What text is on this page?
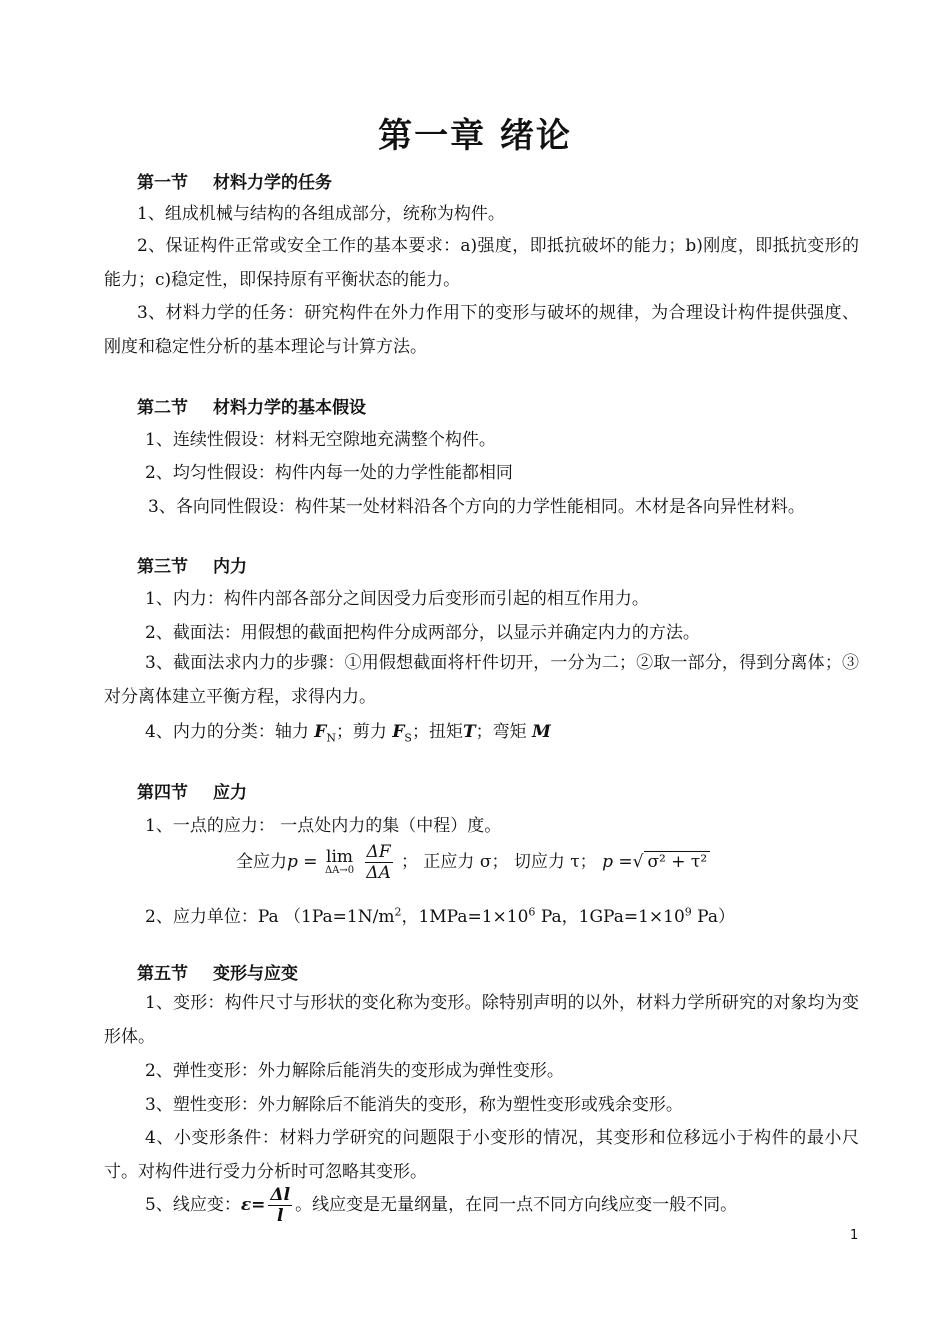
第一章 绪论
第一节 材料力学的任务
1、组成机械与结构的各组成部分，统称为构件。
2、保证构件正常或安全工作的基本要求：a)强度，即抵抗破坏的能力；b)刚度，即抵抗变形的能力；c)稳定性，即保持原有平衡状态的能力。
3、材料力学的任务：研究构件在外力作用下的变形与破坏的规律，为合理设计构件提供强度、刚度和稳定性分析的基本理论与计算方法。
第二节 材料力学的基本假设
1、连续性假设：材料无空隙地充满整个构件。
2、均匀性假设：构件内每一处的力学性能都相同
3、各向同性假设：构件某一处材料沿各个方向的力学性能相同。木材是各向异性材料。
第三节 内力
1、内力：构件内部各部分之间因受力后变形而引起的相互作用力。
2、截面法：用假想的截面把构件分成两部分，以显示并确定内力的方法。
3、截面法求内力的步骤：①用假想截面将杆件切开，一分为二；②取一部分，得到分离体；③对分离体建立平衡方程，求得内力。
4、内力的分类：轴力 $F_N$；剪力 $F_S$；扭矩T；弯矩 M
第四节 应力
1、一点的应力： 一点处内力的集（中程）度。
全应力p = lim
ΔA→0
$\frac{\Delta F}{\Delta A}$ ； 正应力 σ； 切应力 τ； p =√ σ² + τ²
2、应力单位：Pa （$1Pa=1N/m^2$，$1MPa=1\times 10^6$ Pa，$1GPa=1\times 10^9$ Pa）
第五节 变形与应变
1、变形：构件尺寸与形状的变化称为变形。除特别声明的以外，材料力学所研究的对象均为变形体。
2、弹性变形：外力解除后能消失的变形成为弹性变形。
3、塑性变形：外力解除后不能消失的变形，称为塑性变形或残余变形。
4、小变形条件：材料力学研究的问题限于小变形的情况，其变形和位移远小于构件的最小尺寸。对构件进行受力分析时可忽略其变形。
5、线应变：$\varepsilon= \frac{\Delta l}{l}$ 。线应变是无量纲量，在同一点不同方向线应变一般不同。
1
